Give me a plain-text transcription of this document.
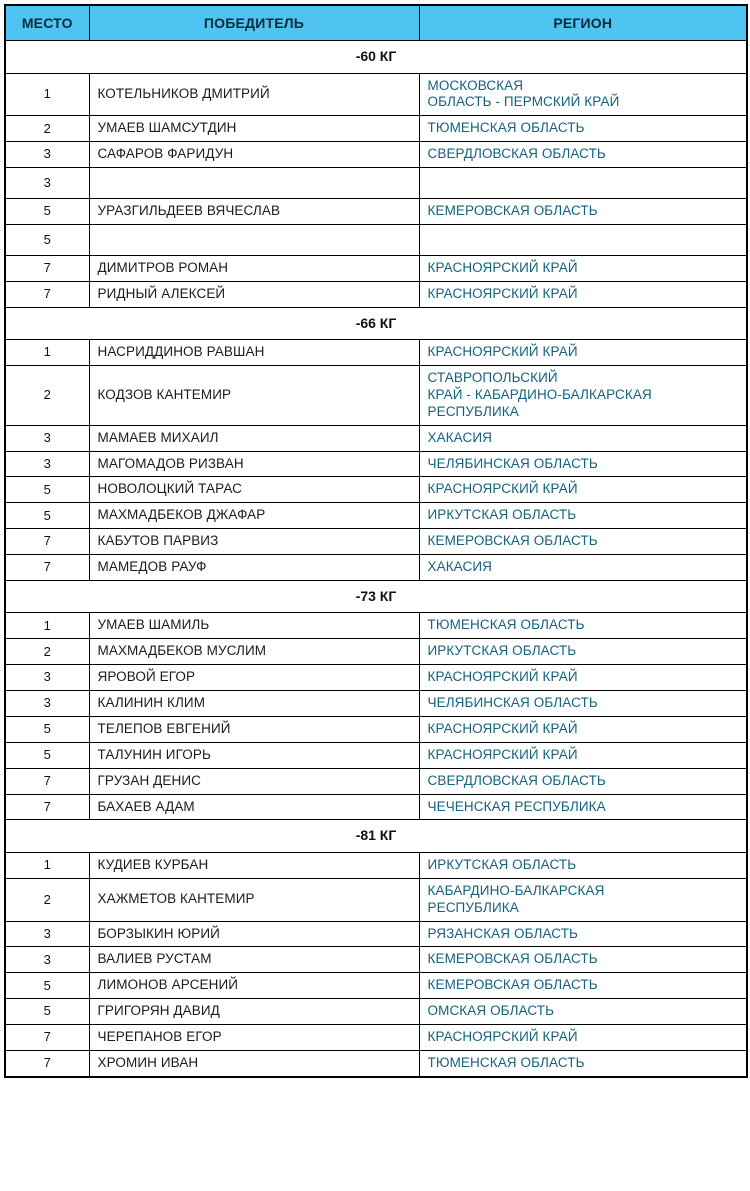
МЕСТО	ПОБЕДИТЕЛЬ	РЕГИОН
-60 КГ		
1	КОТЕЛЬНИКОВ ДМИТРИЙ	МОСКОВСКАЯ
ОБЛАСТЬ - ПЕРМСКИЙ КРАЙ
2	УМАЕВ ШАМСУТДИН	ТЮМЕНСКАЯ ОБЛАСТЬ
3	САФАРОВ ФАРИДУН	СВЕРДЛОВСКАЯ ОБЛАСТЬ
3		
5	УРАЗГИЛЬДЕЕВ ВЯЧЕСЛАВ	КЕМЕРОВСКАЯ ОБЛАСТЬ
5		
7	ДИМИТРОВ РОМАН	КРАСНОЯРСКИЙ КРАЙ
7	РИДНЫЙ АЛЕКСЕЙ	КРАСНОЯРСКИЙ КРАЙ
-66 КГ		
1	НАСРИДДИНОВ РАВШАН	КРАСНОЯРСКИЙ КРАЙ
2	КОДЗОВ КАНТЕМИР	СТАВРОПОЛЬСКИЙ
КРАЙ - КАБАРДИНО-БАЛКАРСКАЯ
РЕСПУБЛИКА
3	МАМАЕВ МИХАИЛ	ХАКАСИЯ
3	МАГОМАДОВ РИЗВАН	ЧЕЛЯБИНСКАЯ ОБЛАСТЬ
5	НОВОЛОЦКИЙ ТАРАС	КРАСНОЯРСКИЙ КРАЙ
5	МАХМАДБЕКОВ ДЖАФАР	ИРКУТСКАЯ ОБЛАСТЬ
7	КАБУТОВ ПАРВИЗ	КЕМЕРОВСКАЯ ОБЛАСТЬ
7	МАМЕДОВ РАУФ	ХАКАСИЯ
-73 КГ		
1	УМАЕВ ШАМИЛЬ	ТЮМЕНСКАЯ ОБЛАСТЬ
2	МАХМАДБЕКОВ МУСЛИМ	ИРКУТСКАЯ ОБЛАСТЬ
3	ЯРОВОЙ ЕГОР	КРАСНОЯРСКИЙ КРАЙ
3	КАЛИНИН КЛИМ	ЧЕЛЯБИНСКАЯ ОБЛАСТЬ
5	ТЕЛЕПОВ ЕВГЕНИЙ	КРАСНОЯРСКИЙ КРАЙ
5	ТАЛУНИН ИГОРЬ	КРАСНОЯРСКИЙ КРАЙ
7	ГРУЗАН ДЕНИС	СВЕРДЛОВСКАЯ ОБЛАСТЬ
7	БАХАЕВ АДАМ	ЧЕЧЕНСКАЯ РЕСПУБЛИКА
-81 КГ		
1	КУДИЕВ КУРБАН	ИРКУТСКАЯ ОБЛАСТЬ
2	ХАЖМЕТОВ КАНТЕМИР	КАБАРДИНО-БАЛКАРСКАЯ
РЕСПУБЛИКА
3	БОРЗЫКИН ЮРИЙ	РЯЗАНСКАЯ ОБЛАСТЬ
3	ВАЛИЕВ РУСТАМ	КЕМЕРОВСКАЯ ОБЛАСТЬ
5	ЛИМОНОВ АРСЕНИЙ	КЕМЕРОВСКАЯ ОБЛАСТЬ
5	ГРИГОРЯН ДАВИД	ОМСКАЯ ОБЛАСТЬ
7	ЧЕРЕПАНОВ ЕГОР	КРАСНОЯРСКИЙ КРАЙ
7	ХРОМИН ИВАН	ТЮМЕНСКАЯ ОБЛАСТЬ
